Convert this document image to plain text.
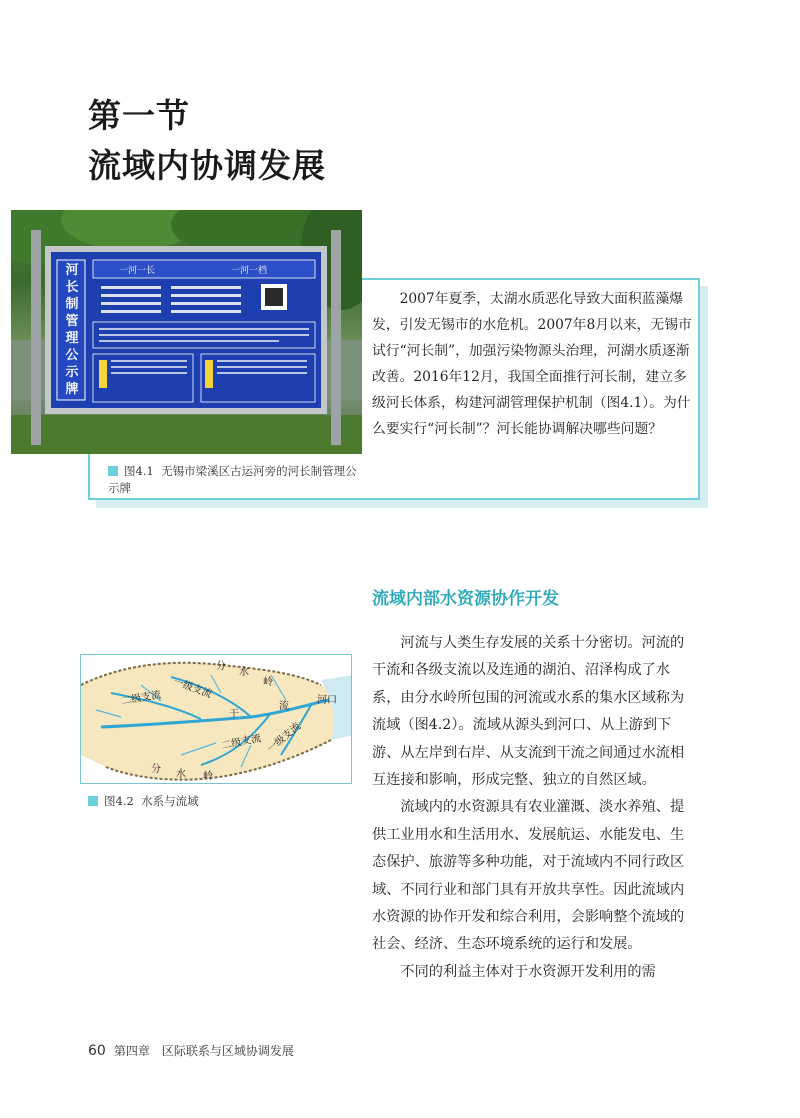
第一节
流域内协调发展
2007年夏季，太湖水质恶化导致大面积蓝藻爆发，引发无锡市的水危机。2007年8月以来，无锡市试行“河长制”，加强污染物源头治理，河湖水质逐渐改善。2016年12月，我国全面推行河长制，建立多级河长体系，构建河湖管理保护机制（图4.1）。为什么要实行“河长制”？河长能协调解决哪些问题？
河长制管理公示牌
一河一长	一河一档
图4.1 无锡市梁溪区古运河旁的河长制管理公示牌
流域内部水资源协作开发
分
水
岭
分 水 岭
二级支流 一级支流
干
流
二级支流 一级支流
河口
图4.2 水系与流域

河流与人类生存发展的关系十分密切。河流的干流和各级支流以及连通的湖泊、沼泽构成了水系，由分水岭所包围的河流或水系的集水区域称为流域（图4.2）。流域从源头到河口、从上游到下游、从左岸到右岸、从支流到干流之间通过水流相互连接和影响，形成完整、独立的自然区域。

流域内的水资源具有农业灌溉、淡水养殖、提供工业用水和生活用水、发展航运、水能发电、生态保护、旅游等多种功能，对于流域内不同行政区域、不同行业和部门具有开放共享性。因此流域内水资源的协作开发和综合利用，会影响整个流域的社会、经济、生态环境系统的运行和发展。

不同的利益主体对于水资源开发利用的需

60 第四章　区际联系与区域协调发展
